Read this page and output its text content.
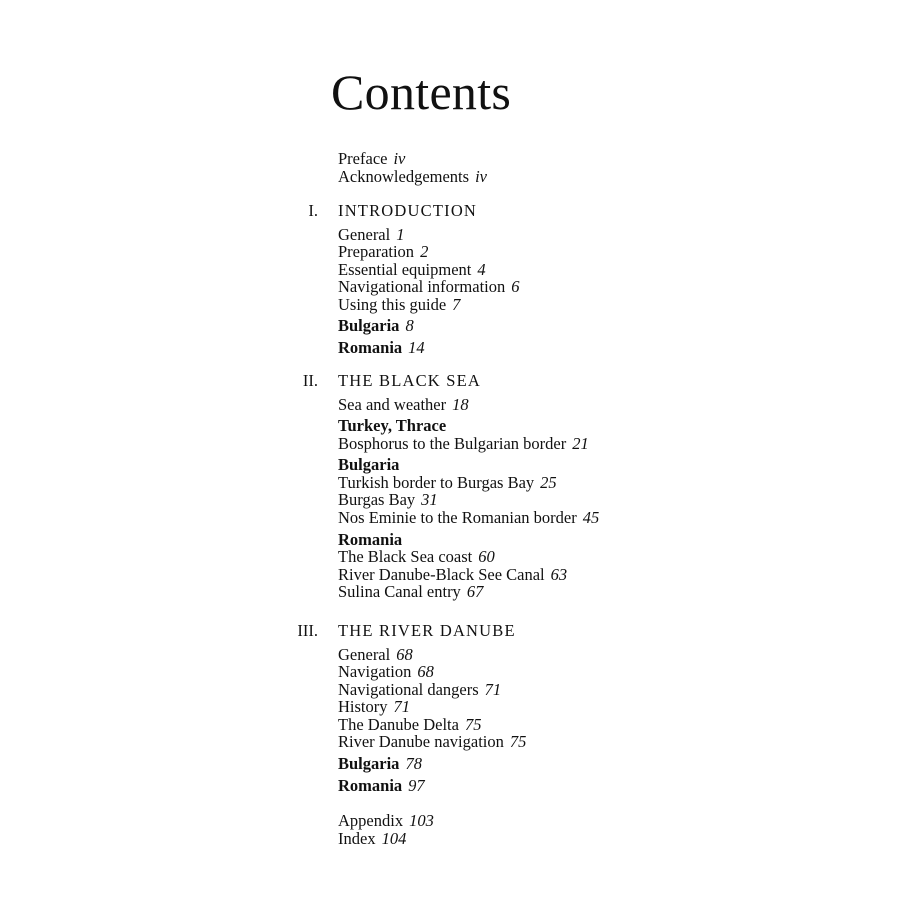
Contents
Preface iv
Acknowledgements iv
I. INTRODUCTION
General 1
Preparation 2
Essential equipment 4
Navigational information 6
Using this guide 7
Bulgaria 8
Romania 14
II. THE BLACK SEA
Sea and weather 18
Turkey, Thrace
Bosphorus to the Bulgarian border 21
Bulgaria
Turkish border to Burgas Bay 25
Burgas Bay 31
Nos Eminie to the Romanian border 45
Romania
The Black Sea coast 60
River Danube-Black See Canal 63
Sulina Canal entry 67
III. THE RIVER DANUBE
General 68
Navigation 68
Navigational dangers 71
History 71
The Danube Delta 75
River Danube navigation 75
Bulgaria 78
Romania 97
Appendix 103
Index 104
